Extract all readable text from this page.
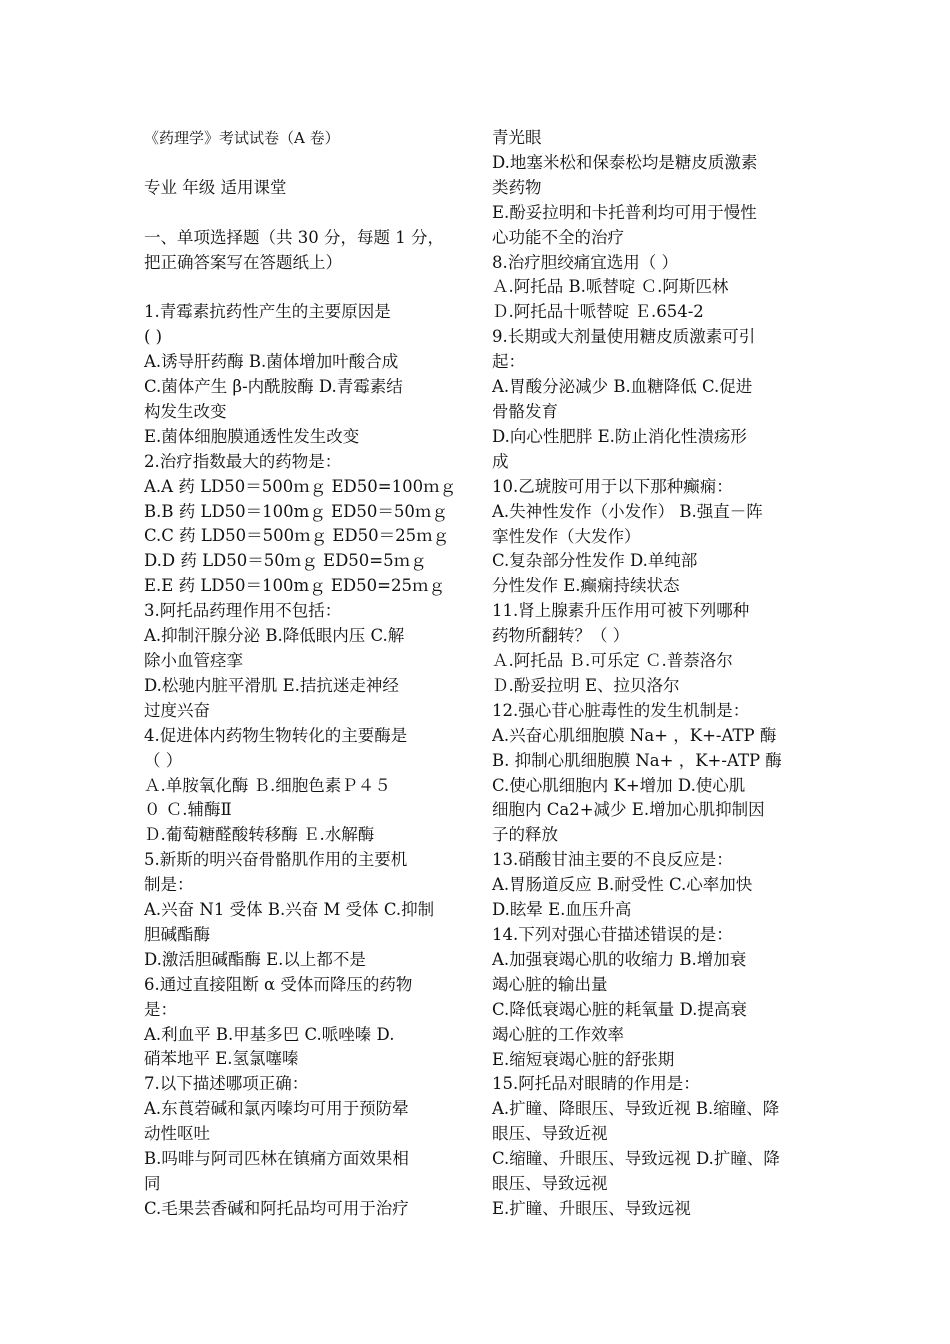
《药理学》考试试卷（A 卷）
专业 年级 适用课堂
一、单项选择题（共 30 分，每题 1 分，
把正确答案写在答题纸上）
1.青霉素抗药性产生的主要原因是
( )
A.诱导肝药酶 B.菌体增加叶酸合成
C.菌体产生 β-内酰胺酶 D.青霉素结
构发生改变
E.菌体细胞膜通透性发生改变
2.治疗指数最大的药物是：
A.A 药 LD50＝500ｍｇ ED50=100ｍｇ
B.B 药 LD50＝100mｇ ED50＝50ｍｇ
C.C 药 LD50＝500ｍｇ ED50＝25ｍｇ
D.D 药 LD50＝50ｍｇ ED50=5ｍｇ
E.E 药 LD50＝100mｇ ED50=25ｍｇ
3.阿托品药理作用不包括：
A.抑制汗腺分泌 B.降低眼内压 C.解
除小血管痉挛
D.松驰内脏平滑肌 E.拮抗迷走神经
过度兴奋
4.促进体内药物生物转化的主要酶是
（ ）
Ａ.单胺氧化酶 Ｂ.细胞色素Ｐ４５
０ Ｃ.辅酶Ⅱ
Ｄ.葡萄糖醛酸转移酶 Ｅ.水解酶
5.新斯的明兴奋骨骼肌作用的主要机
制是：
A.兴奋 N1 受体 B.兴奋 M 受体 C.抑制
胆碱酯酶
D.激活胆碱酯酶 E.以上都不是
6.通过直接阻断 α 受体而降压的药物
是：
A.利血平 B.甲基多巴 C.哌唑嗪 D.
硝苯地平 E.氢氯噻嗪
7.以下描述哪项正确：
A.东莨菪碱和氯丙嗪均可用于预防晕
动性呕吐
B.吗啡与阿司匹林在镇痛方面效果相
同
C.毛果芸香碱和阿托品均可用于治疗
青光眼
D.地塞米松和保泰松均是糖皮质激素
类药物
E.酚妥拉明和卡托普利均可用于慢性
心功能不全的治疗
8.治疗胆绞痛宜选用（ ）
Ａ.阿托品 B.哌替啶 Ｃ.阿斯匹林
Ｄ.阿托品十哌替啶 Ｅ.654-2
9.长期或大剂量使用糖皮质激素可引
起：
A.胃酸分泌减少 B.血糖降低 C.促进
骨骼发育
D.向心性肥胖 E.防止消化性溃疡形
成
10.乙琥胺可用于以下那种癫痫：
A.失神性发作（小发作） B.强直－阵
挛性发作（大发作）
C.复杂部分性发作 D.单纯部
分性发作 E.癫痫持续状态
11.肾上腺素升压作用可被下列哪种
药物所翻转？（ ）
Ａ.阿托品 Ｂ.可乐定 Ｃ.普萘洛尔
Ｄ.酚妥拉明 E、拉贝洛尔
12.强心苷心脏毒性的发生机制是：
A.兴奋心肌细胞膜 Na+ ，K+-ATP 酶
B. 抑制心肌细胞膜 Na+ ，K+-ATP 酶
C.使心肌细胞内 K+增加 D.使心肌
细胞内 Ca2+减少 E.增加心肌抑制因
子的释放
13.硝酸甘油主要的不良反应是：
A.胃肠道反应 B.耐受性 C.心率加快
D.眩晕 E.血压升高
14.下列对强心苷描述错误的是：
A.加强衰竭心肌的收缩力 B.增加衰
竭心脏的输出量
C.降低衰竭心脏的耗氧量 D.提高衰
竭心脏的工作效率
E.缩短衰竭心脏的舒张期
15.阿托品对眼睛的作用是：
A.扩瞳、降眼压、导致近视 B.缩瞳、降
眼压、导致近视
C.缩瞳、升眼压、导致远视 D.扩瞳、降
眼压、导致远视
E.扩瞳、升眼压、导致远视
